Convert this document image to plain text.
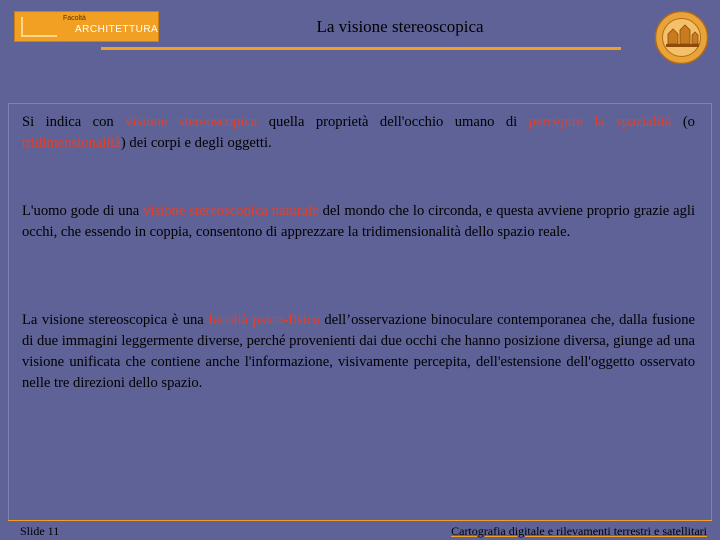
Facoltà
ARCHITETTURA	La visione stereoscopica

Si indica con visione stereoscopica quella proprietà dell'occhio umano di percepire la spazialità (o tridimensionalità) dei corpi e degli oggetti.

L'uomo gode di una visione stereoscopica naturale del mondo che lo circonda, e questa avviene proprio grazie agli occhi, che essendo in coppia, consentono di apprezzare la tridimensionalità dello spazio reale.

La visione stereoscopica è una facoltà psico-fisica dell’osservazione binoculare contemporanea che, dalla fusione di due immagini leggermente diverse, perché provenienti dai due occhi che hanno posizione diversa, giunge ad una visione unificata che contiene anche l'informazione, visivamente percepita, dell'estensione dell'oggetto osservato nelle tre direzioni dello spazio.

Slide 11	Cartografia digitale e rilevamenti terrestri e satellitari
